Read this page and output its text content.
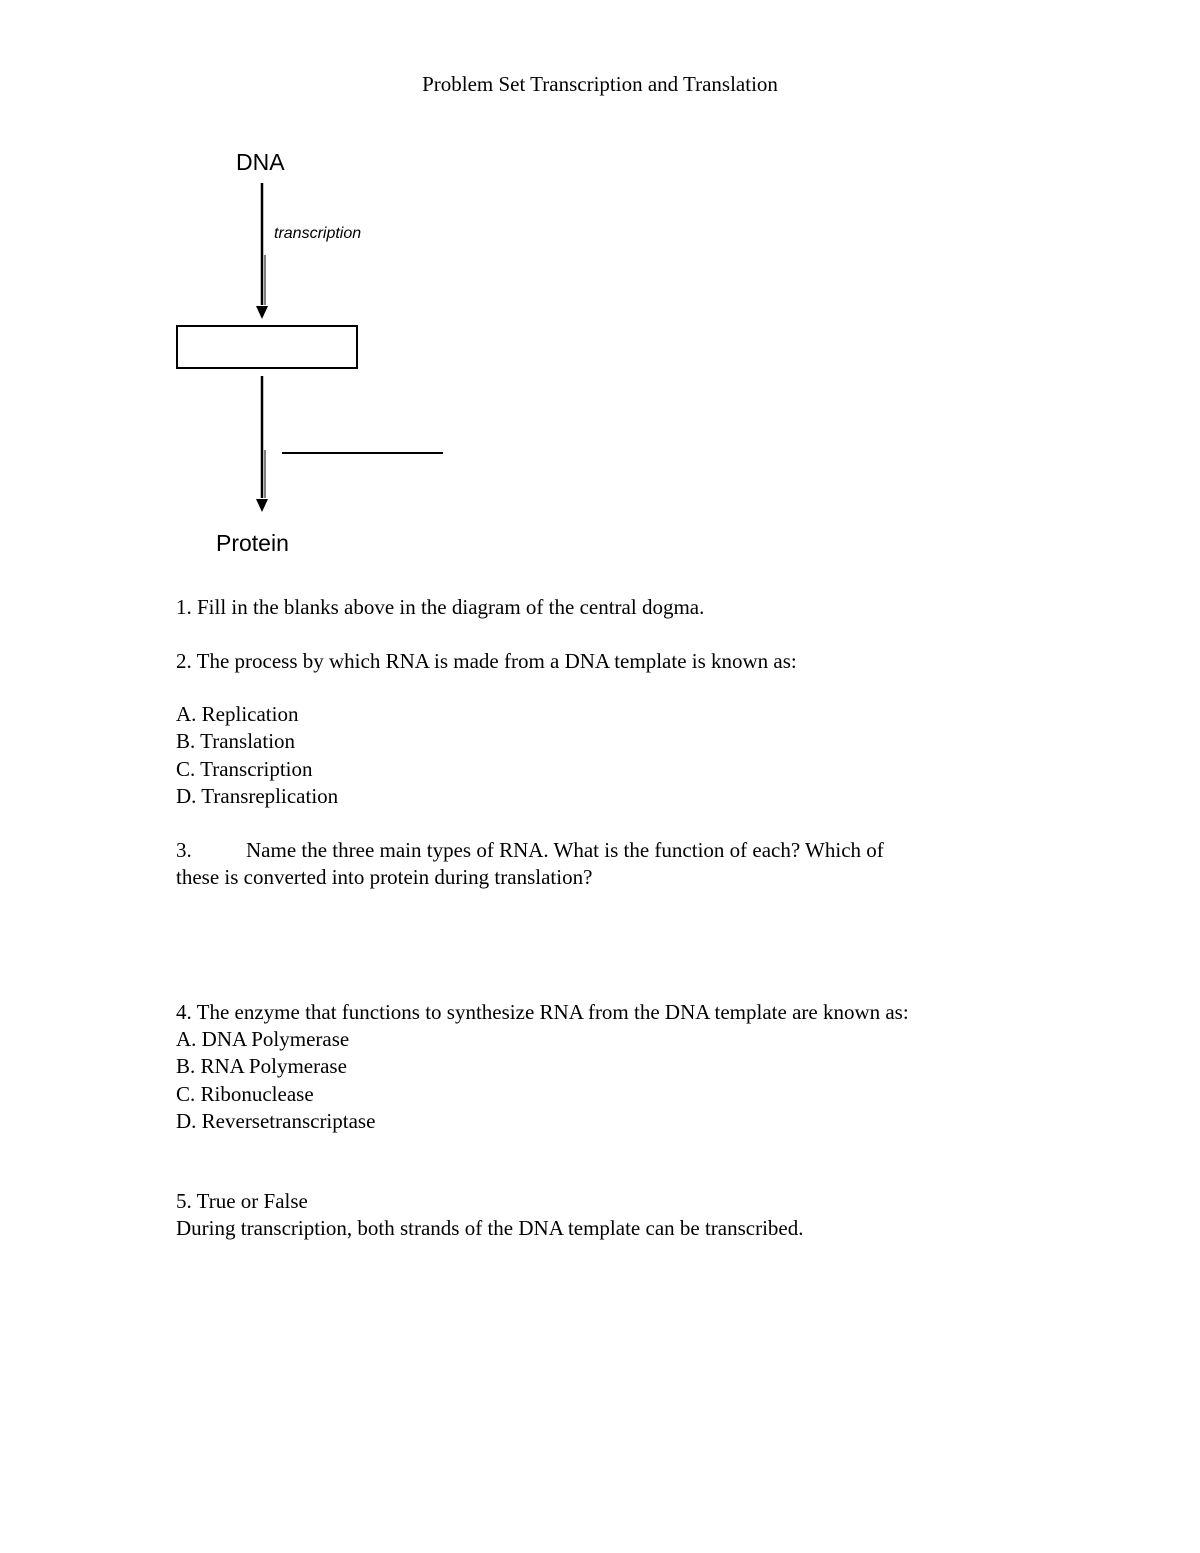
Problem Set Transcription and Translation
DNA
transcription
Protein
1. Fill in the blanks above in the diagram of the central dogma.
2. The process by which RNA is made from a DNA template is known as:
A. Replication
B. Translation
C. Transcription
D. Transreplication
3.	Name the three main types of RNA. What is the function of each? Which of
these is converted into protein during translation?
4. The enzyme that functions to synthesize RNA from the DNA template are known as:
A. DNA Polymerase
B. RNA Polymerase
C. Ribonuclease
D. Reversetranscriptase
5. True or False
During transcription, both strands of the DNA template can be transcribed.
